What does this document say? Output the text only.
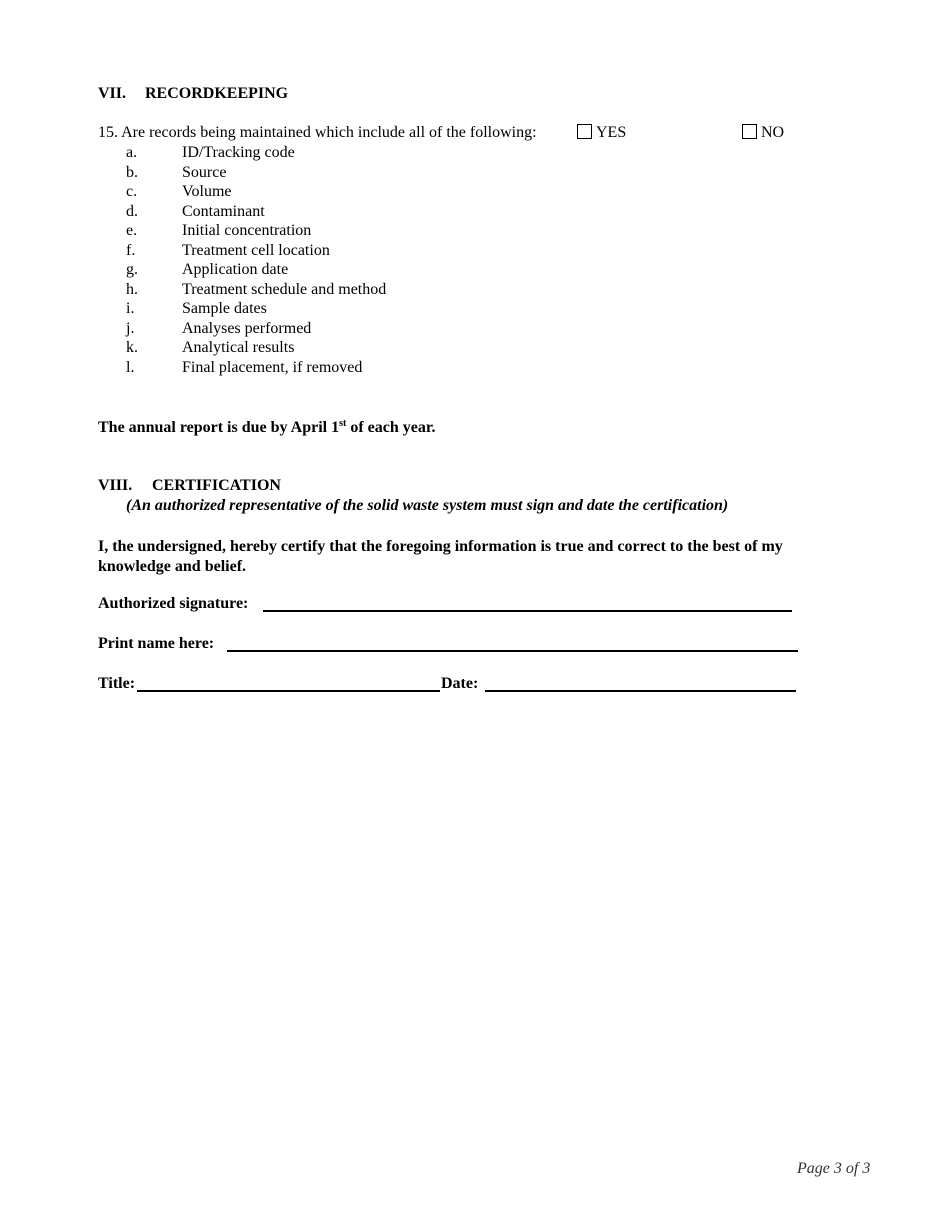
VII. RECORDKEEPING
15. Are records being maintained which include all of the following:	YES	NO
a.	ID/Tracking code
b.	Source
c.	Volume
d.	Contaminant
e.	Initial concentration
f.	Treatment cell location
g.	Application date
h.	Treatment schedule and method
i.	Sample dates
j.	Analyses performed
k.	Analytical results
l.	Final placement, if removed
The annual report is due by April 1st of each year.
VIII. CERTIFICATION
(An authorized representative of the solid waste system must sign and date the certification)
I, the undersigned, hereby certify that the foregoing information is true and correct to the best of my knowledge and belief.
Authorized signature:
Print name here:
Title:	Date:
Page 3 of 3
